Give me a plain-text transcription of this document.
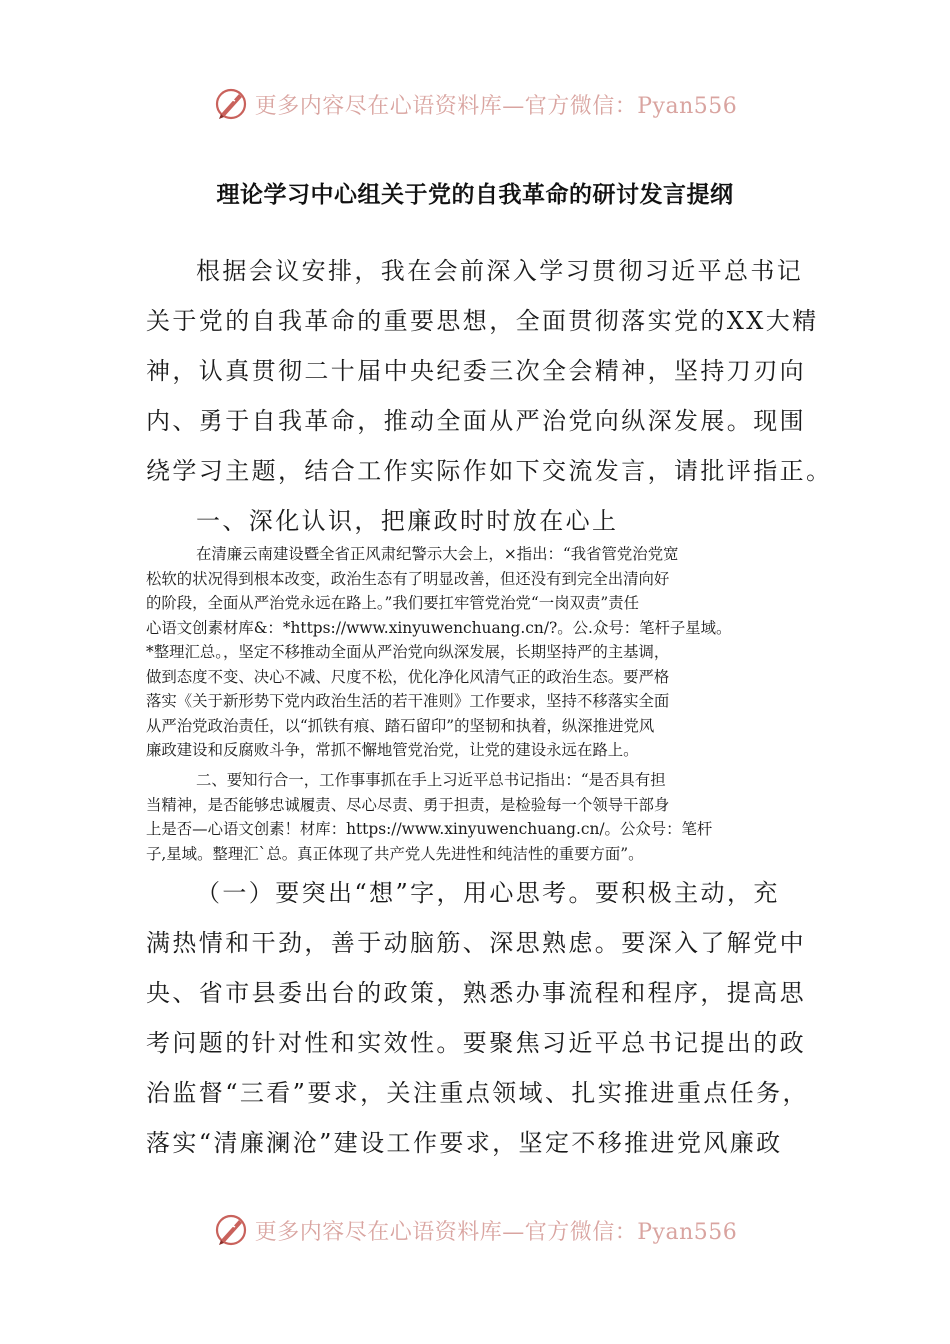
更多内容尽在心语资料库—官方微信：Pyan556
理论学习中心组关于党的自我革命的研讨发言提纲
根据会议安排，我在会前深入学习贯彻习近平总书记
关于党的自我革命的重要思想，全面贯彻落实党的XX大精
神，认真贯彻二十届中央纪委三次全会精神，坚持刀刃向
内、勇于自我革命，推动全面从严治党向纵深发展。现围
绕学习主题，结合工作实际作如下交流发言，请批评指正。
一、深化认识，把廉政时时放在心上
在清廉云南建设暨全省正风肃纪警示大会上，×指出：“我省管党治党宽
松软的状况得到根本改变，政治生态有了明显改善，但还没有到完全出清向好
的阶段，全面从严治党永远在路上。”我们要扛牢管党治党“一岗双责”责任
心语文创素材库&：*https://www.xinyuwenchuang.cn/?。公.众号：笔杆子星域。
*整理汇总。，坚定不移推动全面从严治党向纵深发展，长期坚持严的主基调，
做到态度不变、决心不减、尺度不松，优化净化风清气正的政治生态。要严格
落实《关于新形势下党内政治生活的若干准则》工作要求，坚持不移落实全面
从严治党政治责任，以“抓铁有痕、踏石留印”的坚韧和执着，纵深推进党风
廉政建设和反腐败斗争，常抓不懈地管党治党，让党的建设永远在路上。
二、要知行合一，工作事事抓在手上习近平总书记指出：“是否具有担
当精神，是否能够忠诚履责、尽心尽责、勇于担责，是检验每一个领导干部身
上是否—心语文创素！材库：https://www.xinyuwenchuang.cn/。公众号：笔杆
子,星域。整理汇`总。真正体现了共产党人先进性和纯洁性的重要方面”。
（一）要突出“想”字，用心思考。要积极主动，充
满热情和干劲，善于动脑筋、深思熟虑。要深入了解党中
央、省市县委出台的政策，熟悉办事流程和程序，提高思
考问题的针对性和实效性。要聚焦习近平总书记提出的政
治监督“三看”要求，关注重点领域、扎实推进重点任务，
落实“清廉澜沧”建设工作要求，坚定不移推进党风廉政
更多内容尽在心语资料库—官方微信：Pyan556
